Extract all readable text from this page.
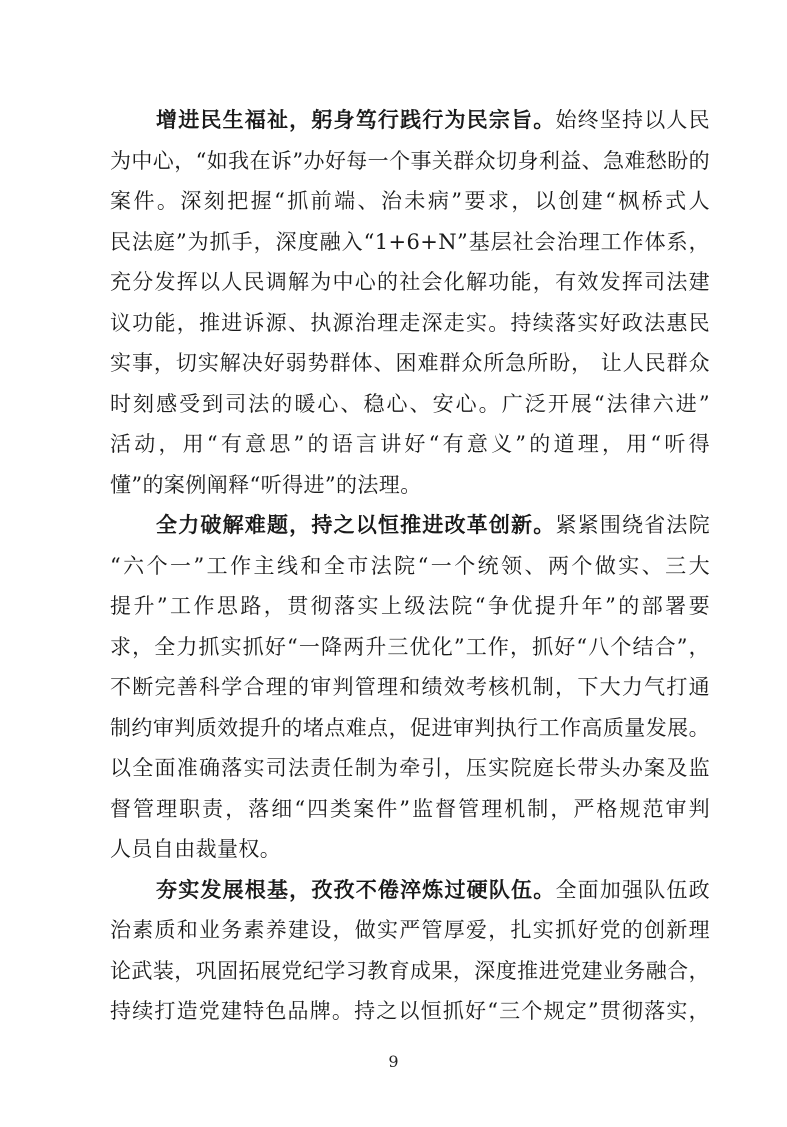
增进民生福祉，躬身笃行践行为民宗旨。始终坚持以人民
为中心，“如我在诉”办好每一个事关群众切身利益、急难愁盼的
案件。深刻把握“抓前端、治未病”要求，以创建“枫桥式人
民法庭”为抓手，深度融入“1+6+N”基层社会治理工作体系，
充分发挥以人民调解为中心的社会化解功能，有效发挥司法建
议功能，推进诉源、执源治理走深走实。持续落实好政法惠民
实事，切实解决好弱势群体、困难群众所急所盼， 让人民群众
时刻感受到司法的暖心、稳心、安心。广泛开展“法律六进”
活动，用“有意思”的语言讲好“有意义”的道理，用“听得
懂”的案例阐释“听得进”的法理。
全力破解难题，持之以恒推进改革创新。紧紧围绕省法院
“六个一”工作主线和全市法院“一个统领、两个做实、三大
提升”工作思路，贯彻落实上级法院“争优提升年”的部署要
求，全力抓实抓好“一降两升三优化”工作，抓好“八个结合”，
不断完善科学合理的审判管理和绩效考核机制，下大力气打通
制约审判质效提升的堵点难点，促进审判执行工作高质量发展。
以全面准确落实司法责任制为牵引，压实院庭长带头办案及监
督管理职责，落细“四类案件”监督管理机制，严格规范审判
人员自由裁量权。
夯实发展根基，孜孜不倦淬炼过硬队伍。全面加强队伍政
治素质和业务素养建设，做实严管厚爱，扎实抓好党的创新理
论武装，巩固拓展党纪学习教育成果，深度推进党建业务融合，
持续打造党建特色品牌。持之以恒抓好“三个规定”贯彻落实，
9
